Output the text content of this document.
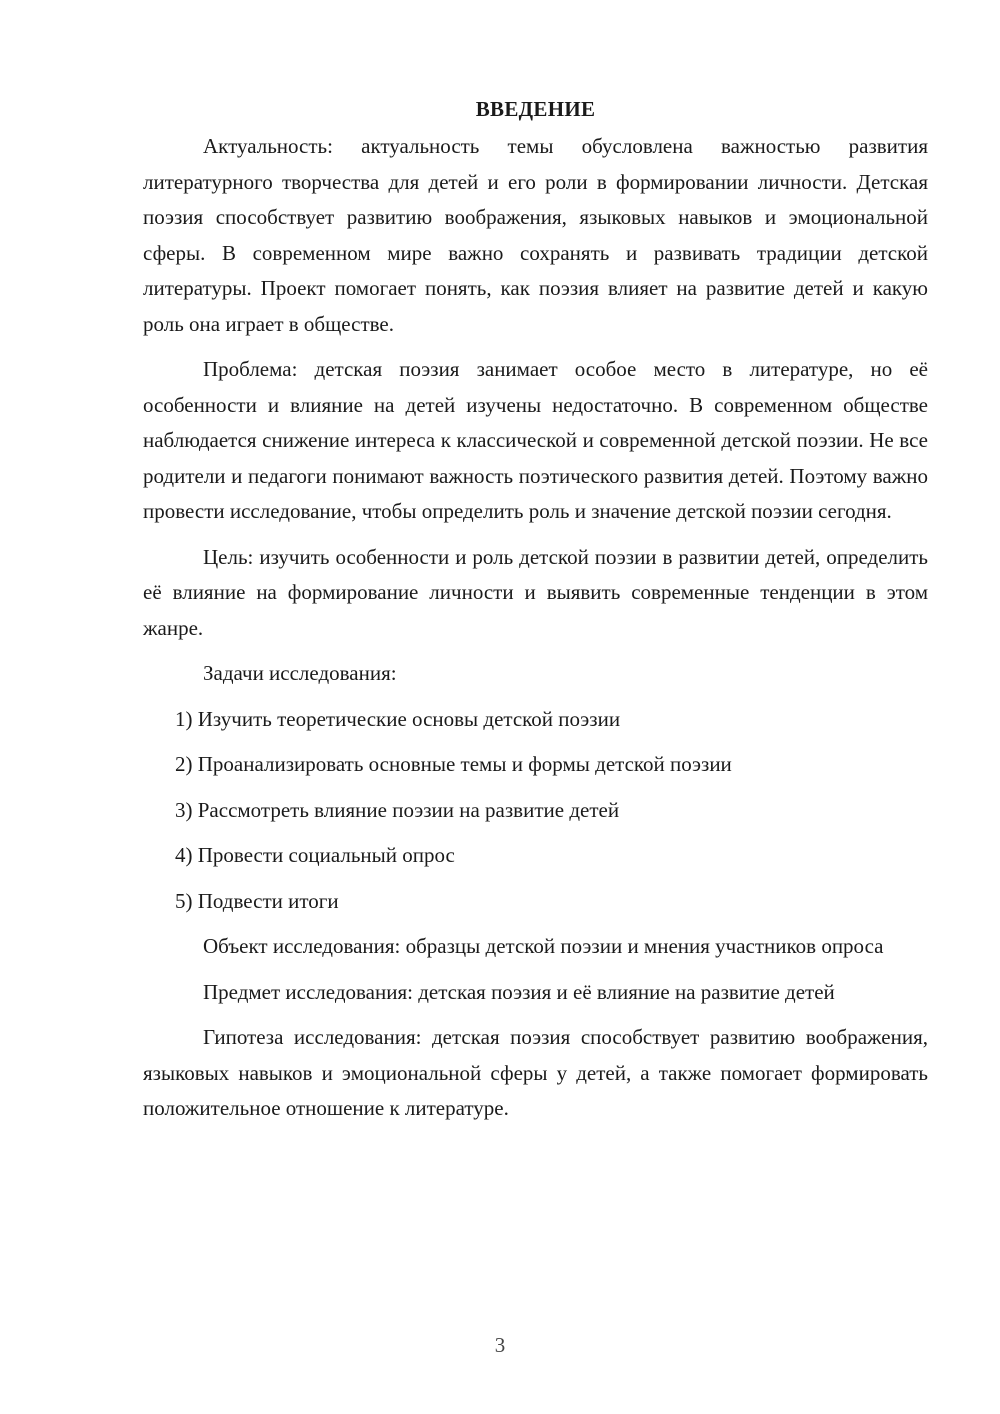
ВВЕДЕНИЕ

Актуальность: актуальность темы обусловлена важностью развития литературного творчества для детей и его роли в формировании личности. Детская поэзия способствует развитию воображения, языковых навыков и эмоциональной сферы. В современном мире важно сохранять и развивать традиции детской литературы. Проект помогает понять, как поэзия влияет на развитие детей и какую роль она играет в обществе.

Проблема: детская поэзия занимает особое место в литературе, но её особенности и влияние на детей изучены недостаточно. В современном обществе наблюдается снижение интереса к классической и современной детской поэзии. Не все родители и педагоги понимают важность поэтического развития детей. Поэтому важно провести исследование, чтобы определить роль и значение детской поэзии сегодня.

Цель: изучить особенности и роль детской поэзии в развитии детей, определить её влияние на формирование личности и выявить современные тенденции в этом жанре.

Задачи исследования:
1) Изучить теоретические основы детской поэзии
2) Проанализировать основные темы и формы детской поэзии
3) Рассмотреть влияние поэзии на развитие детей
4) Провести социальный опрос
5) Подвести итоги

Объект исследования: образцы детской поэзии и мнения участников опроса

Предмет исследования: детская поэзия и её влияние на развитие детей

Гипотеза исследования: детская поэзия способствует развитию воображения, языковых навыков и эмоциональной сферы у детей, а также помогает формировать положительное отношение к литературе.

3
